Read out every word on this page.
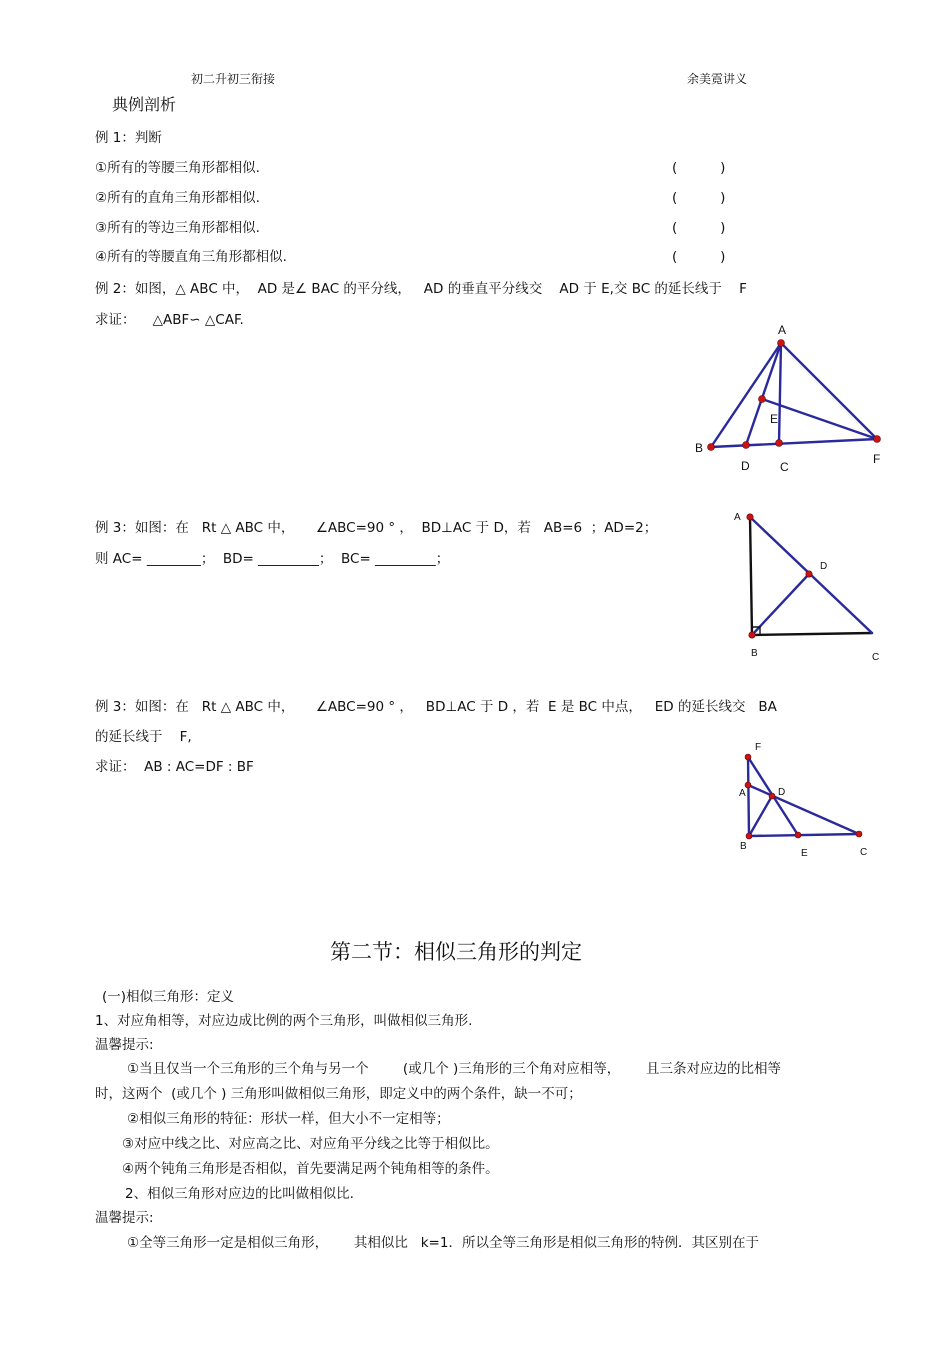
初二升初三衔接	余美霓讲义
典例剖析
例 1：判断
①所有的等腰三角形都相似.	(          )
②所有的直角三角形都相似.	(          )
③所有的等边三角形都相似.	(          )
④所有的等腰直角三角形都相似.	(          )
例 2：如图，△ ABC 中，  AD 是∠ BAC 的平分线，   AD 的垂直平分线交    AD 于 E,交 BC 的延长线于    F
求证：    △ABF∽ △CAF.
A
B
D	C
E
F
例 3：如图：在   Rt △ ABC 中，     ∠ABC=90 ° ，  BD⊥AC 于 D，若   AB=6  ；AD=2；
则 AC= ________；  BD= _________；  BC= _________；
A
B	C
D
例 3：如图：在   Rt △ ABC 中，     ∠ABC=90 ° ，   BD⊥AC 于 D ，若  E 是 BC 中点，   ED 的延长线交   BA
的延长线于    F,
求证：  AB : AC=DF : BF
F
A	D
B
E	C
第二节：相似三角形的判定
(一)相似三角形：定义
1、对应角相等，对应边成比例的两个三角形，叫做相似三角形.
温馨提示:
①当且仅当一个三角形的三个角与另一个        (或几个 )三角形的三个角对应相等，      且三条对应边的比相等
时，这两个  (或几个 ) 三角形叫做相似三角形，即定义中的两个条件，缺一不可；
②相似三角形的特征：形状一样，但大小不一定相等；
③对应中线之比、对应高之比、对应角平分线之比等于相似比。
④两个钝角三角形是否相似，首先要满足两个钝角相等的条件。
2、相似三角形对应边的比叫做相似比.
温馨提示:
①全等三角形一定是相似三角形，      其相似比   k=1．所以全等三角形是相似三角形的特例．其区别在于
